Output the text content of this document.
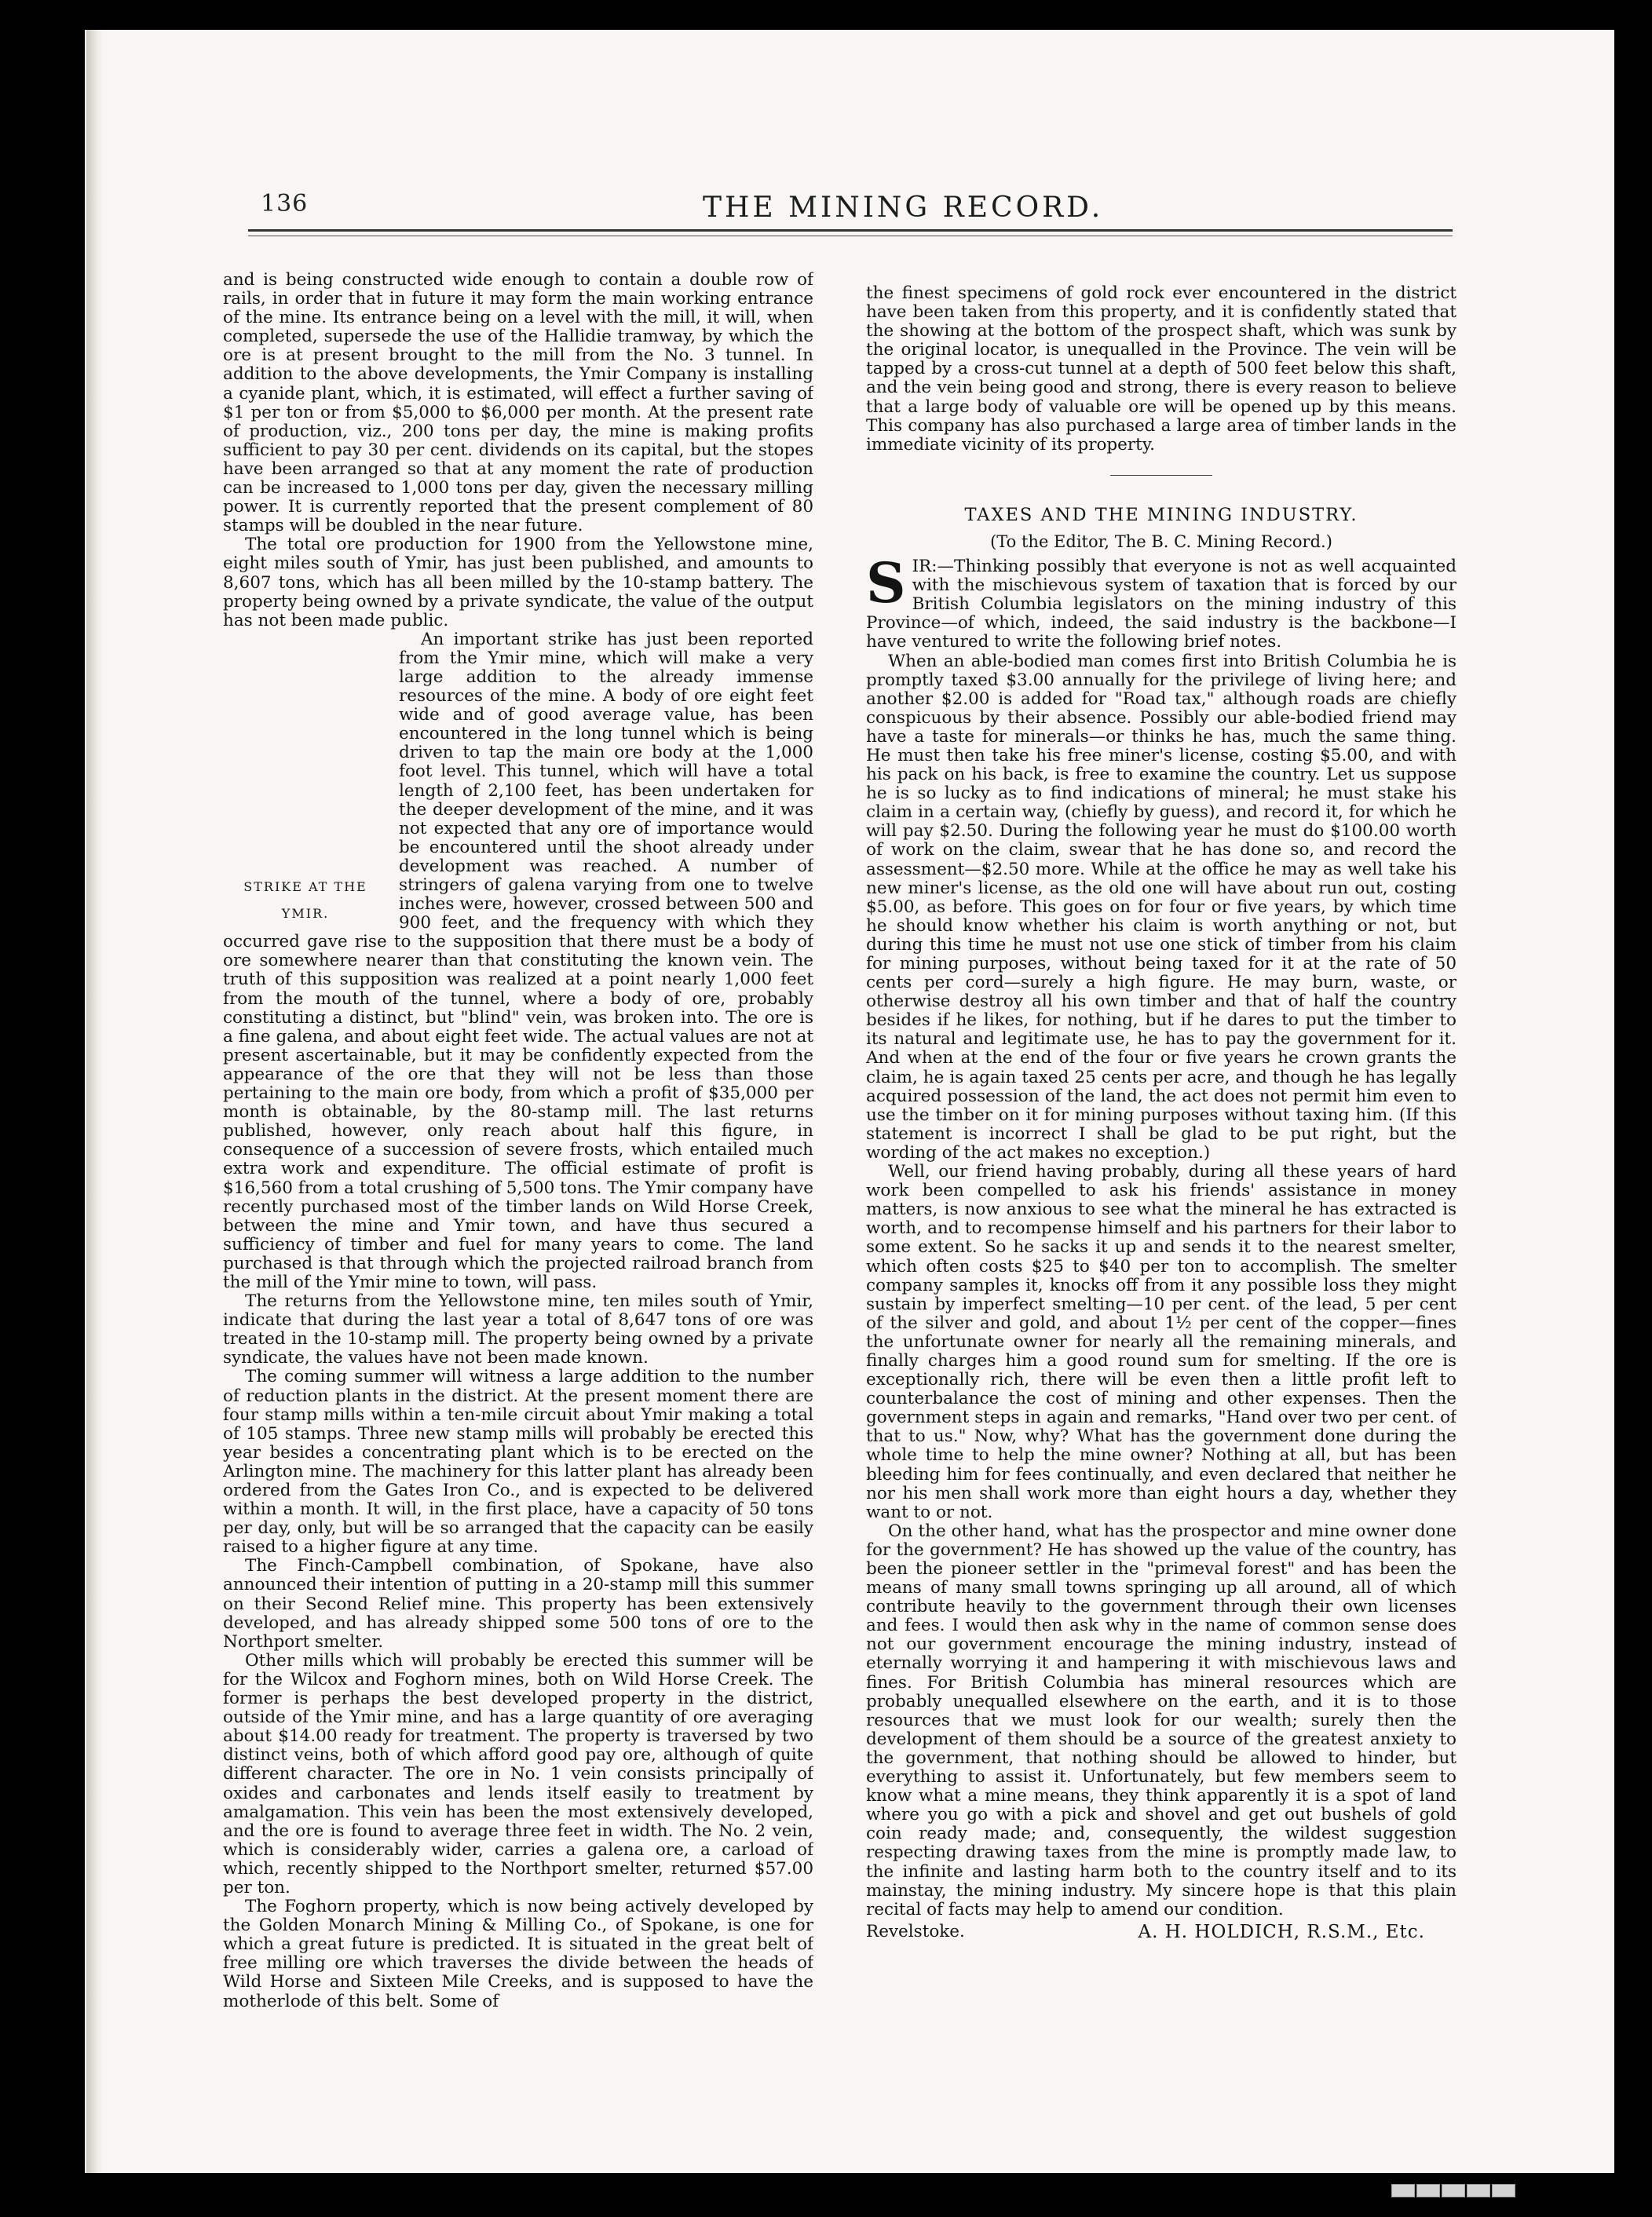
136	THE MINING RECORD.

and is being constructed wide enough to contain a double row of rails, in order that in future it may form the main working entrance of the mine. Its entrance being on a level with the mill, it will, when completed, supersede the use of the Hallidie tramway, by which the ore is at present brought to the mill from the No. 3 tunnel. In addition to the above developments, the Ymir Company is installing a cyanide plant, which, it is estimated, will effect a further saving of $1 per ton or from $5,000 to $6,000 per month. At the present rate of production, viz., 200 tons per day, the mine is making profits sufficient to pay 30 per cent. dividends on its capital, but the stopes have been arranged so that at any moment the rate of production can be increased to 1,000 tons per day, given the necessary milling power. It is currently reported that the present complement of 80 stamps will be doubled in the near future.

The total ore production for 1900 from the Yellowstone mine, eight miles south of Ymir, has just been published, and amounts to 8,607 tons, which has all been milled by the 10-stamp battery. The property being owned by a private syndicate, the value of the output has not been made public.

STRIKE AT THE
YMIR.

An important strike has just been reported from the Ymir mine, which will make a very large addition to the already immense resources of the mine. A body of ore eight feet wide and of good average value, has been encountered in the long tunnel which is being driven to tap the main ore body at the 1,000 foot level. This tunnel, which will have a total length of 2,100 feet, has been undertaken for the deeper development of the mine, and it was not expected that any ore of importance would be encountered until the shoot already under development was reached. A number of stringers of galena varying from one to twelve inches were, however, crossed between 500 and 900 feet, and the frequency with which they occurred gave rise to the supposition that there must be a body of ore somewhere nearer than that constituting the known vein. The truth of this supposition was realized at a point nearly 1,000 feet from the mouth of the tunnel, where a body of ore, probably constituting a distinct, but "blind" vein, was broken into. The ore is a fine galena, and about eight feet wide. The actual values are not at present ascertainable, but it may be confidently expected from the appearance of the ore that they will not be less than those pertaining to the main ore body, from which a profit of $35,000 per month is obtainable, by the 80-stamp mill. The last returns published, however, only reach about half this figure, in consequence of a succession of severe frosts, which entailed much extra work and expenditure. The official estimate of profit is $16,560 from a total crushing of 5,500 tons. The Ymir company have recently purchased most of the timber lands on Wild Horse Creek, between the mine and Ymir town, and have thus secured a sufficiency of timber and fuel for many years to come. The land purchased is that through which the projected railroad branch from the mill of the Ymir mine to town, will pass.

The returns from the Yellowstone mine, ten miles south of Ymir, indicate that during the last year a total of 8,647 tons of ore was treated in the 10-stamp mill. The property being owned by a private syndicate, the values have not been made known.

The coming summer will witness a large addition to the number of reduction plants in the district. At the present moment there are four stamp mills within a ten-mile circuit about Ymir making a total of 105 stamps. Three new stamp mills will probably be erected this year besides a concentrating plant which is to be erected on the Arlington mine. The machinery for this latter plant has already been ordered from the Gates Iron Co., and is expected to be delivered within a month. It will, in the first place, have a capacity of 50 tons per day, only, but will be so arranged that the capacity can be easily raised to a higher figure at any time.

The Finch-Campbell combination, of Spokane, have also announced their intention of putting in a 20-stamp mill this summer on their Second Relief mine. This property has been extensively developed, and has already shipped some 500 tons of ore to the Northport smelter.

Other mills which will probably be erected this summer will be for the Wilcox and Foghorn mines, both on Wild Horse Creek. The former is perhaps the best developed property in the district, outside of the Ymir mine, and has a large quantity of ore averaging about $14.00 ready for treatment. The property is traversed by two distinct veins, both of which afford good pay ore, although of quite different character. The ore in No. 1 vein consists principally of oxides and carbonates and lends itself easily to treatment by amalgamation. This vein has been the most extensively developed, and the ore is found to average three feet in width. The No. 2 vein, which is considerably wider, carries a galena ore, a carload of which, recently shipped to the Northport smelter, returned $57.00 per ton.

The Foghorn property, which is now being actively developed by the Golden Monarch Mining & Milling Co., of Spokane, is one for which a great future is predicted. It is situated in the great belt of free milling ore which traverses the divide between the heads of Wild Horse and Sixteen Mile Creeks, and is supposed to have the motherlode of this belt. Some of

the finest specimens of gold rock ever encountered in the district have been taken from this property, and it is confidently stated that the showing at the bottom of the prospect shaft, which was sunk by the original locator, is unequalled in the Province. The vein will be tapped by a cross-cut tunnel at a depth of 500 feet below this shaft, and the vein being good and strong, there is every reason to believe that a large body of valuable ore will be opened up by this means. This company has also purchased a large area of timber lands in the immediate vicinity of its property.

TAXES AND THE MINING INDUSTRY.
(To the Editor, The B. C. Mining Record.)

SIR:—Thinking possibly that everyone is not as well acquainted with the mischievous system of taxation that is forced by our British Columbia legislators on the mining industry of this Province—of which, indeed, the said industry is the backbone—I have ventured to write the following brief notes.

When an able-bodied man comes first into British Columbia he is promptly taxed $3.00 annually for the privilege of living here; and another $2.00 is added for "Road tax," although roads are chiefly conspicuous by their absence. Possibly our able-bodied friend may have a taste for minerals—or thinks he has, much the same thing. He must then take his free miner's license, costing $5.00, and with his pack on his back, is free to examine the country. Let us suppose he is so lucky as to find indications of mineral; he must stake his claim in a certain way, (chiefly by guess), and record it, for which he will pay $2.50. During the following year he must do $100.00 worth of work on the claim, swear that he has done so, and record the assessment—$2.50 more. While at the office he may as well take his new miner's license, as the old one will have about run out, costing $5.00, as before. This goes on for four or five years, by which time he should know whether his claim is worth anything or not, but during this time he must not use one stick of timber from his claim for mining purposes, without being taxed for it at the rate of 50 cents per cord—surely a high figure. He may burn, waste, or otherwise destroy all his own timber and that of half the country besides if he likes, for nothing, but if he dares to put the timber to its natural and legitimate use, he has to pay the government for it. And when at the end of the four or five years he crown grants the claim, he is again taxed 25 cents per acre, and though he has legally acquired possession of the land, the act does not permit him even to use the timber on it for mining purposes without taxing him. (If this statement is incorrect I shall be glad to be put right, but the wording of the act makes no exception.)

Well, our friend having probably, during all these years of hard work been compelled to ask his friends' assistance in money matters, is now anxious to see what the mineral he has extracted is worth, and to recompense himself and his partners for their labor to some extent. So he sacks it up and sends it to the nearest smelter, which often costs $25 to $40 per ton to accomplish. The smelter company samples it, knocks off from it any possible loss they might sustain by imperfect smelting—10 per cent. of the lead, 5 per cent of the silver and gold, and about 1½ per cent of the copper—fines the unfortunate owner for nearly all the remaining minerals, and finally charges him a good round sum for smelting. If the ore is exceptionally rich, there will be even then a little profit left to counterbalance the cost of mining and other expenses. Then the government steps in again and remarks, "Hand over two per cent. of that to us." Now, why? What has the government done during the whole time to help the mine owner? Nothing at all, but has been bleeding him for fees continually, and even declared that neither he nor his men shall work more than eight hours a day, whether they want to or not.

On the other hand, what has the prospector and mine owner done for the government? He has showed up the value of the country, has been the pioneer settler in the "primeval forest" and has been the means of many small towns springing up all around, all of which contribute heavily to the government through their own licenses and fees. I would then ask why in the name of common sense does not our government encourage the mining industry, instead of eternally worrying it and hampering it with mischievous laws and fines. For British Columbia has mineral resources which are probably unequalled elsewhere on the earth, and it is to those resources that we must look for our wealth; surely then the development of them should be a source of the greatest anxiety to the government, that nothing should be allowed to hinder, but everything to assist it. Unfortunately, but few members seem to know what a mine means, they think apparently it is a spot of land where you go with a pick and shovel and get out bushels of gold coin ready made; and, consequently, the wildest suggestion respecting drawing taxes from the mine is promptly made law, to the infinite and lasting harm both to the country itself and to its mainstay, the mining industry. My sincere hope is that this plain recital of facts may help to amend our condition.

Revelstoke.	A. H. HOLDICH, R.S.M., Etc.
